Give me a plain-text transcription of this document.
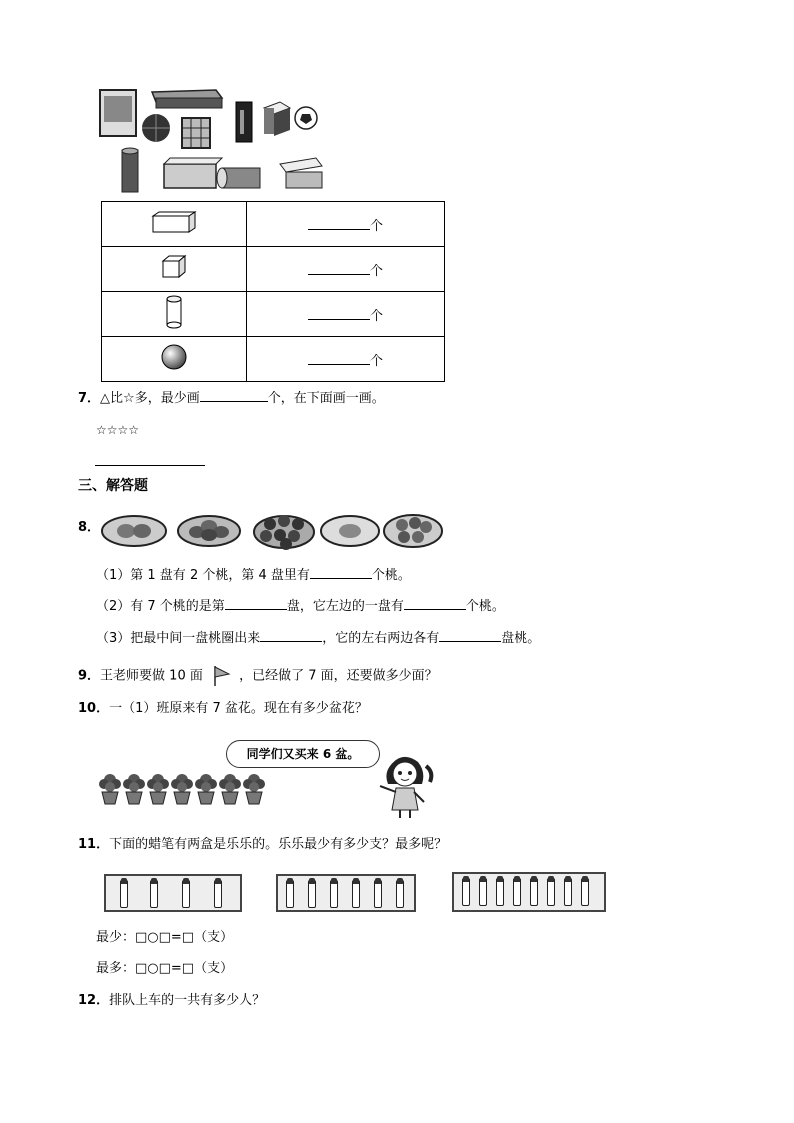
	个
	个
	个
	个
7．△比☆多，最少画	个，在下面画一画。
☆☆☆☆
三、解答题
8．
（1）第 1 盘有 2 个桃，第 4 盘里有	个桃。
（2）有 7 个桃的是第	盘，它左边的一盘有	个桃。
（3）把最中间一盘桃圈出来	，它的左右两边各有	盘桃。
9．王老师要做 10 面	，已经做了 7 面，还要做多少面？
10．一（1）班原来有 7 盆花。现在有多少盆花？
同学们又买来 6 盆。
11．下面的蜡笔有两盒是乐乐的。乐乐最少有多少支？最多呢？
最少：□○□=□（支）
最多：□○□=□（支）
12．排队上车的一共有多少人？
